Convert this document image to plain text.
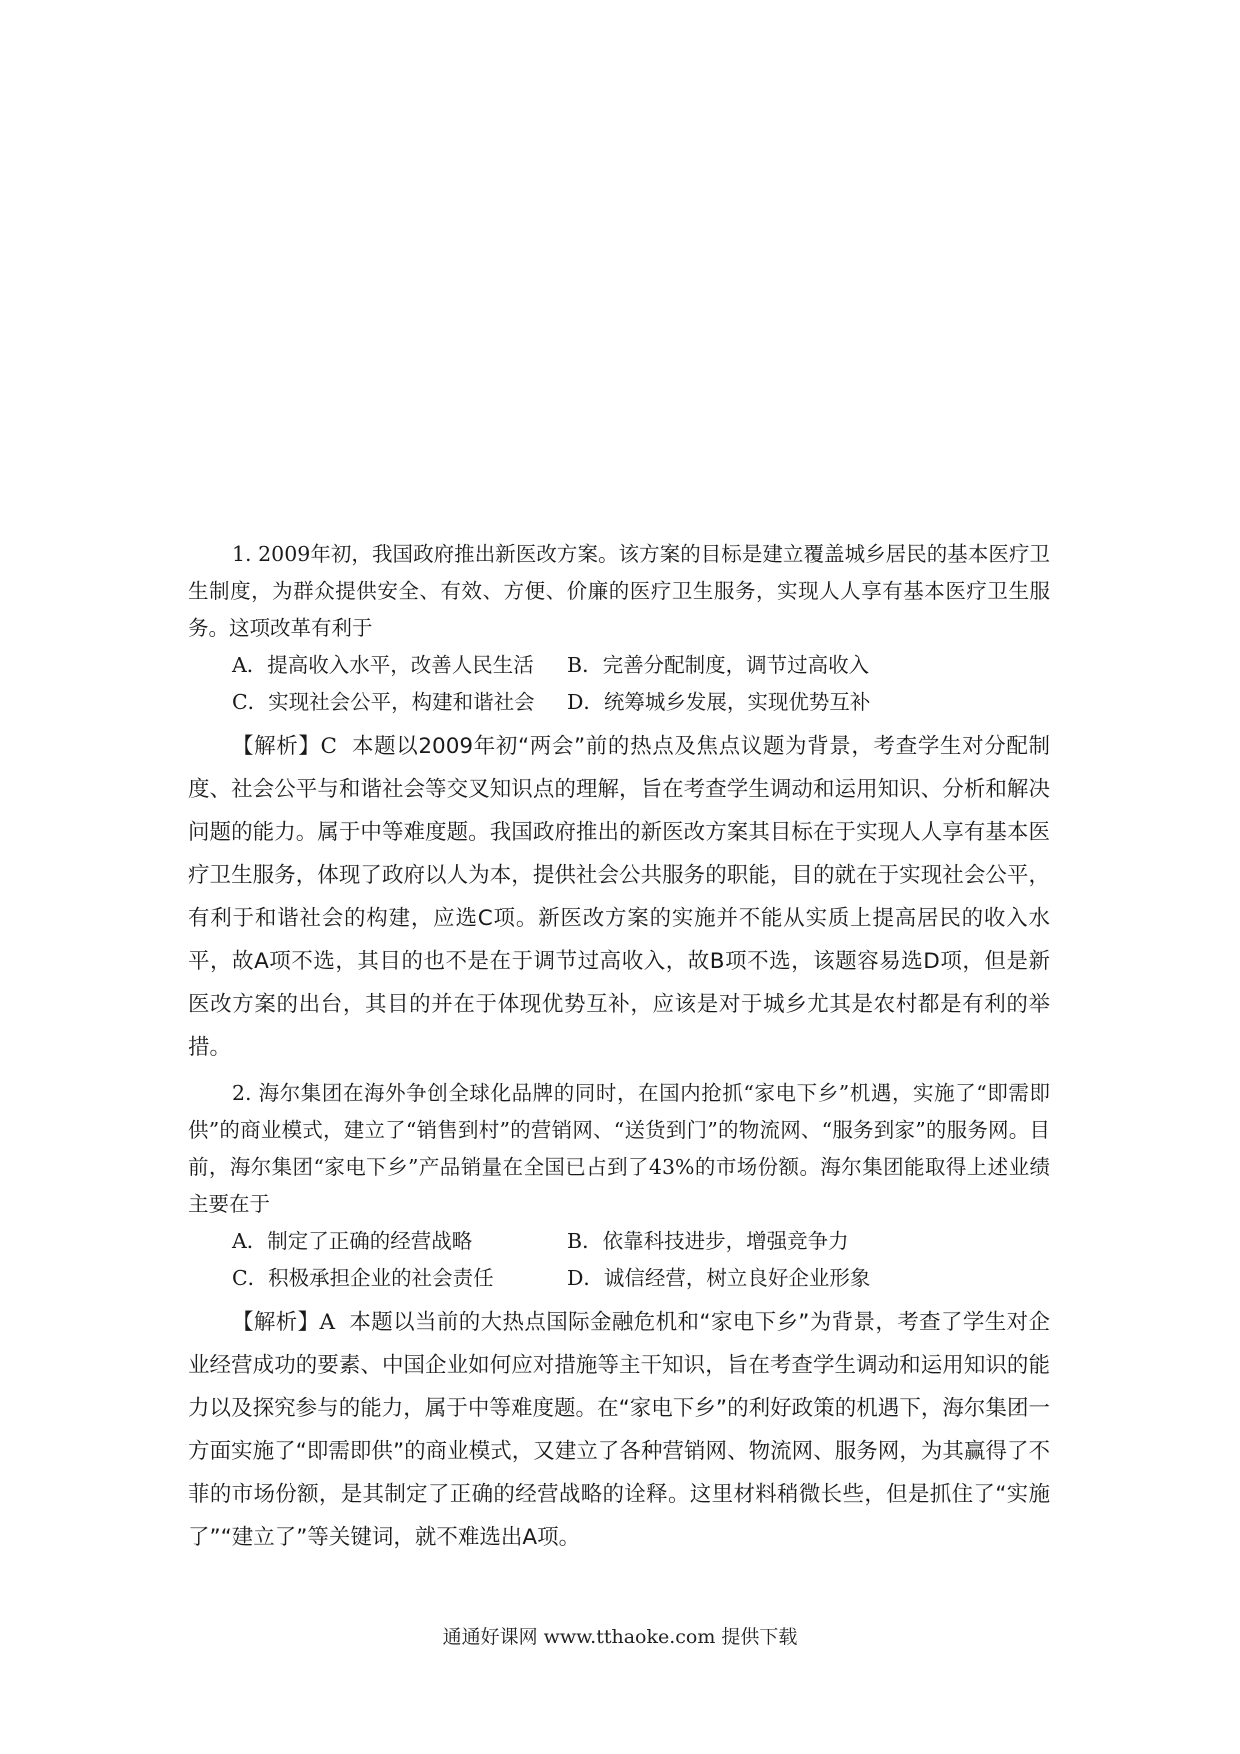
1. 2009年初，我国政府推出新医改方案。该方案的目标是建立覆盖城乡居民的基本医疗卫生制度，为群众提供安全、有效、方便、价廉的医疗卫生服务，实现人人享有基本医疗卫生服务。这项改革有利于

A．提高收入水平，改善人民生活	B．完善分配制度，调节过高收入
C．实现社会公平，构建和谐社会	D．统筹城乡发展，实现优势互补

【解析】C 本题以2009年初“两会”前的热点及焦点议题为背景，考查学生对分配制度、社会公平与和谐社会等交叉知识点的理解，旨在考查学生调动和运用知识、分析和解决问题的能力。属于中等难度题。我国政府推出的新医改方案其目标在于实现人人享有基本医疗卫生服务，体现了政府以人为本，提供社会公共服务的职能，目的就在于实现社会公平，有利于和谐社会的构建，应选C项。新医改方案的实施并不能从实质上提高居民的收入水平，故A项不选，其目的也不是在于调节过高收入，故B项不选，该题容易选D项，但是新医改方案的出台，其目的并在于体现优势互补，应该是对于城乡尤其是农村都是有利的举措。

2. 海尔集团在海外争创全球化品牌的同时，在国内抢抓“家电下乡”机遇，实施了“即需即供”的商业模式，建立了“销售到村”的营销网、“送货到门”的物流网、“服务到家”的服务网。目前，海尔集团“家电下乡”产品销量在全国已占到了43%的市场份额。海尔集团能取得上述业绩主要在于

A．制定了正确的经营战略	B．依靠科技进步，增强竞争力
C．积极承担企业的社会责任	D．诚信经营，树立良好企业形象

【解析】A 本题以当前的大热点国际金融危机和“家电下乡”为背景，考查了学生对企业经营成功的要素、中国企业如何应对措施等主干知识，旨在考查学生调动和运用知识的能力以及探究参与的能力，属于中等难度题。在“家电下乡”的利好政策的机遇下，海尔集团一方面实施了“即需即供”的商业模式，又建立了各种营销网、物流网、服务网，为其赢得了不菲的市场份额，是其制定了正确的经营战略的诠释。这里材料稍微长些，但是抓住了“实施了”“建立了”等关键词，就不难选出A项。

通通好课网 www.tthaoke.com 提供下载
